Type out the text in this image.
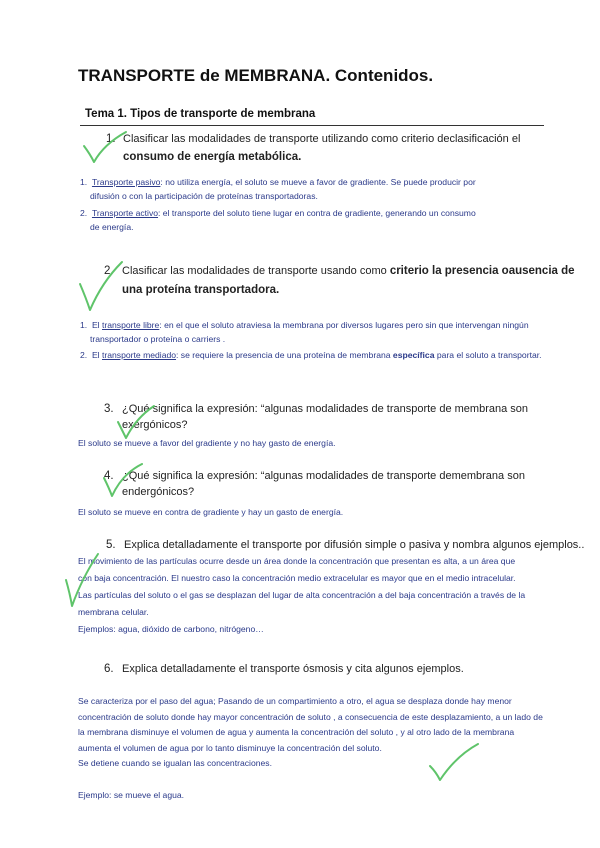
TRANSPORTE de MEMBRANA. Contenidos.
Tema 1. Tipos de transporte de membrana
1. Clasificar las modalidades de transporte utilizando como criterio declasificación el
consumo de energía metabólica.
1. Transporte pasivo: no utiliza energía, el soluto se mueve a favor de gradiente. Se puede producir por
difusión o con la participación de proteínas transportadoras.
2. Transporte activo: el transporte del soluto tiene lugar en contra de gradiente, generando un consumo
de energía.
2. Clasificar las modalidades de transporte usando como criterio la presencia oausencia de
una proteína transportadora.
1. El transporte libre: en el que el soluto atraviesa la membrana por diversos lugares pero sin que intervengan ningún
transportador o proteína o carriers .
2. El transporte mediado: se requiere la presencia de una proteína de membrana específica para el soluto a transportar.
3. ¿Qué significa la expresión: “algunas modalidades de transporte de membrana son
exergónicos?
El soluto se mueve a favor del gradiente y no hay gasto de energía.
4. ¿Qué significa la expresión: “algunas modalidades de transporte demembrana son
endergónicos?
El soluto se mueve en contra de gradiente y hay un gasto de energía.
5. Explica detalladamente el transporte por difusión simple o pasiva y nombra algunos ejemplos..
El movimiento de las partículas ocurre desde un área donde la concentración que presentan es alta, a un área que
con baja concentración. El nuestro caso la concentración medio extracelular es mayor que en el medio intracelular.
Las partículas del soluto o el gas se desplazan del lugar de alta concentración a del baja concentración a través de la
membrana celular.
Ejemplos: agua, dióxido de carbono, nitrógeno…
6. Explica detalladamente el transporte ósmosis y cita algunos ejemplos.
Se caracteriza por el paso del agua; Pasando de un compartimiento a otro, el agua se desplaza donde hay menor
concentración de soluto donde hay mayor concentración de soluto , a consecuencia de este desplazamiento, a un lado de
la membrana disminuye el volumen de agua y aumenta la concentración del soluto , y al otro lado de la membrana
aumenta el volumen de agua por lo tanto disminuye la concentración del soluto.
Se detiene cuando se igualan las concentraciones.
Ejemplo: se mueve el agua.
